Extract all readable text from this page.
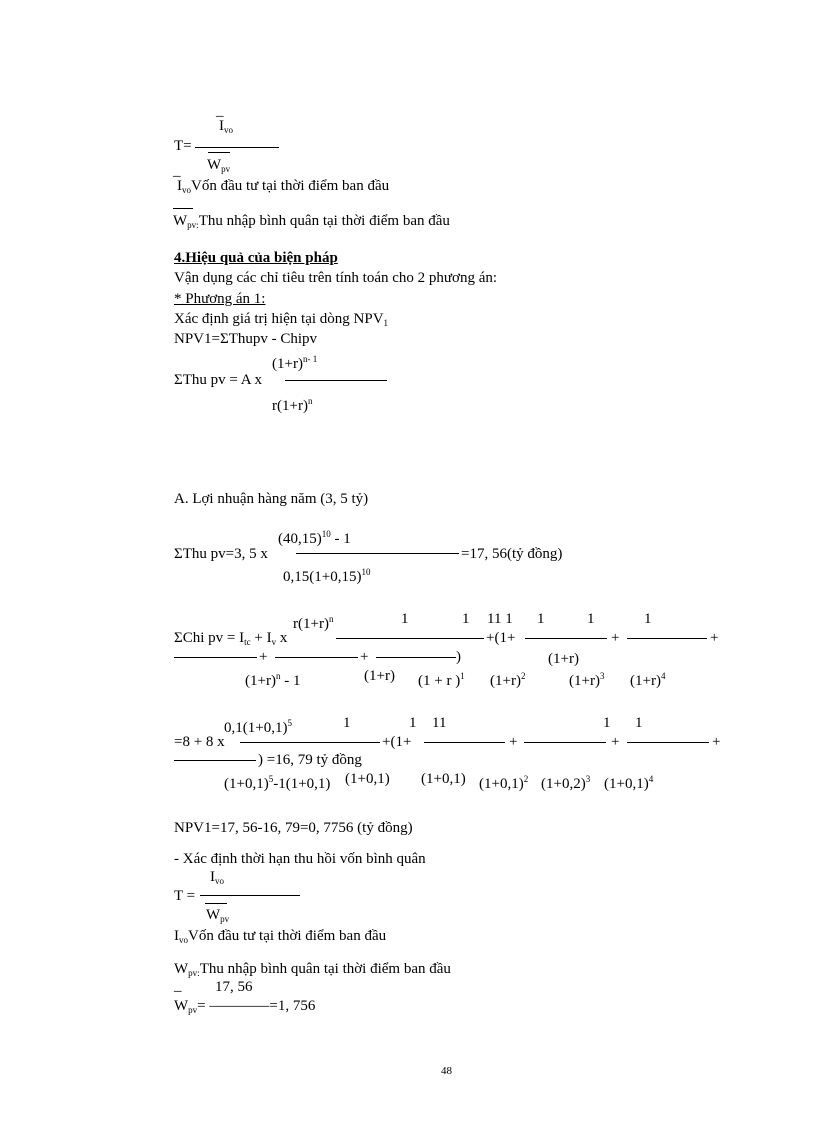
_
$I_{vo}$
T=
$W_{pv}$
_
$I_{vo}Vốn$ đầu tư tại thời điểm ban đầu
$W_{pv:}Thu$ nhập bình quân tại thời điểm ban đầu
4.Hiệu quả của biện pháp
Vận dụng các chỉ tiêu trên tính toán cho 2 phương án:
* Phương án 1:
Xác định giá trị hiện tại dòng $NPV_1$
NPV1=ΣThupv - Chipv
$(1+r)^{n- 1}$
ΣThu pv = A x
$r(1+r)^n$
A. Lợi nhuận hàng năm (3, 5 tỷ)
$(40,15)^{10} - 1$
ΣThu pv=3, 5 x	=17, 56(tỷ đồng)
$0,15(1+0,15)^{10}$
$r(1+r)^n$	1	1 11 1 1	1	1
ΣChi pv = $I_{tc} + I_v$ x	+(1+	+	+
+	+	)	(1+r)
$(1+r)^n - 1$	(1+r) (1 + r )$^1$ $(1+r)^2$	$(1+r)^3$ $(1+r)^4$
$0,1(1+0,1)^5$	1	1 11	1 1
=8 + 8 x	+(1+	+	+	+
) =16, 79 tỷ đồng
$(1+0,1)^5-1(1+0,1)$ (1+0,1) (1+0,1) $(1+0,1)^2$ $(1+0,2)^3$ $(1+0,1)^4$
NPV1=17, 56-16, 79=0, 7756 (tỷ đồng)
- Xác định thời hạn thu hồi vốn bình quân
$I_{vo}$
T =
$W_{pv}$
$I_{vo}Vốn$ đầu tư tại thời điểm ban đầu
$W_{pv:}Thu$ nhập bình quân tại thời điểm ban đầu
17, 56
_
$W_{pv}=$ ——––—=1, 756
48
